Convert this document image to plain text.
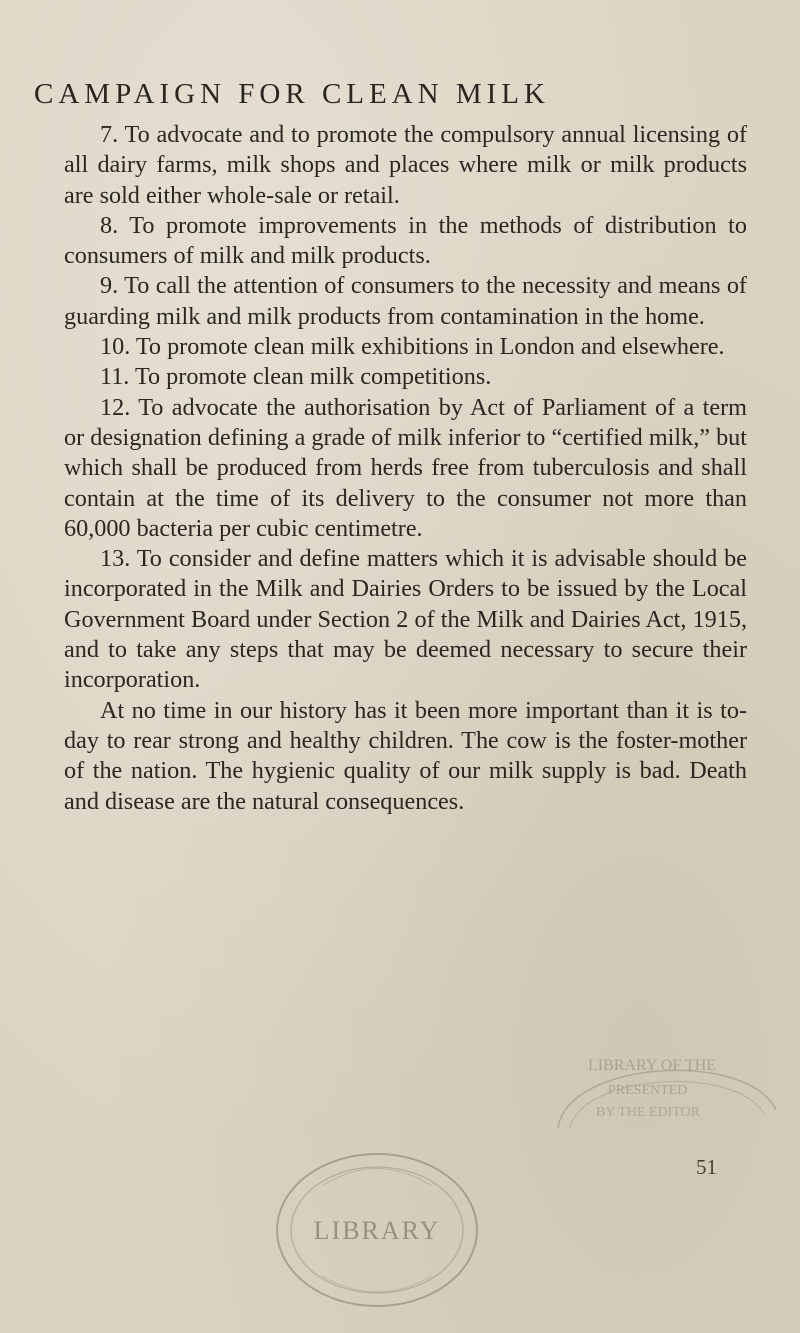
CAMPAIGN FOR CLEAN MILK

7. To advocate and to promote the compulsory annual licensing of all dairy farms, milk shops and places where milk or milk products are sold either whole-sale or retail.

8. To promote improvements in the methods of distribution to consumers of milk and milk products.

9. To call the attention of consumers to the necessity and means of guarding milk and milk products from contamination in the home.

10. To promote clean milk exhibitions in London and elsewhere.

11. To promote clean milk competitions.

12. To advocate the authorisation by Act of Parliament of a term or designation defining a grade of milk inferior to “certified milk,” but which shall be produced from herds free from tuberculosis and shall contain at the time of its delivery to the consumer not more than 60,000 bacteria per cubic centimetre.

13. To consider and define matters which it is advisable should be incorporated in the Milk and Dairies Orders to be issued by the Local Government Board under Section 2 of the Milk and Dairies Act, 1915, and to take any steps that may be deemed necessary to secure their incorporation.

At no time in our history has it been more important than it is to-day to rear strong and healthy children. The cow is the foster-mother of the nation. The hygienic quality of our milk supply is bad. Death and disease are the natural consequences.

LIBRARY OF THE
PRESENTED
BY THE EDITOR
LIBRARY
51
